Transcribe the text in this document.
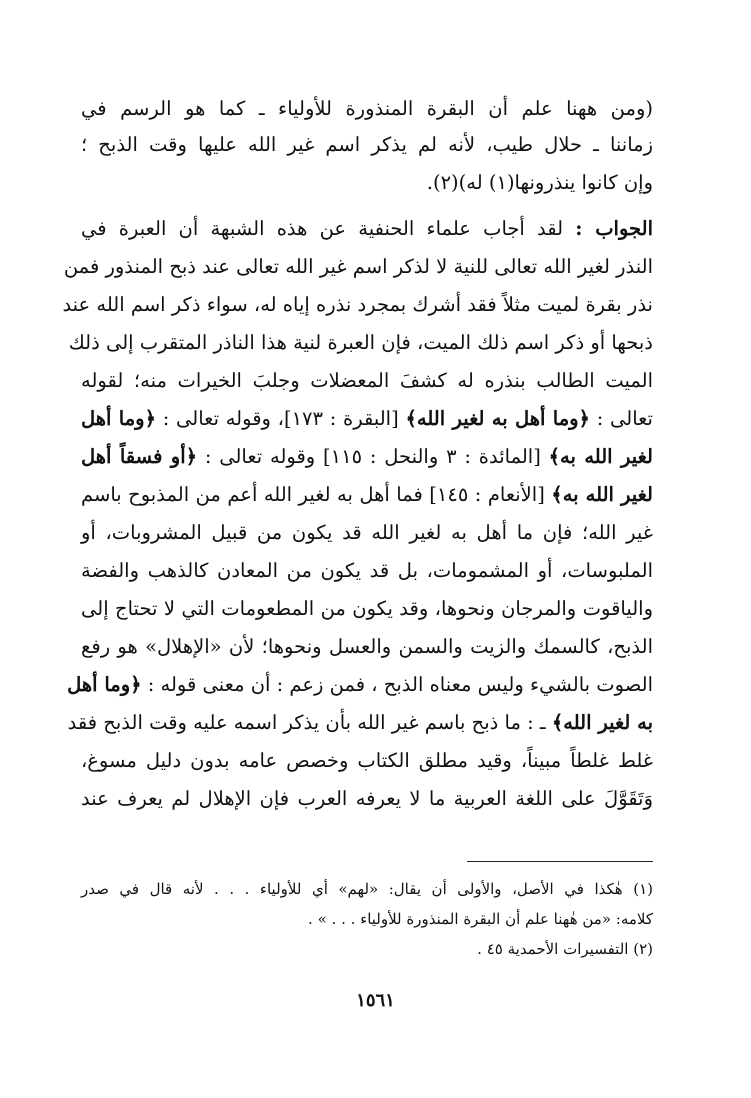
(ومن ههنا علم أن البقرة المنذورة للأولياء ـ كما هو الرسم في
زماننا ـ حلال طيب، لأنه لم يذكر اسم غير الله عليها وقت الذبح ؛
وإن كانوا ينذرونها(١) له)(٢).
الجواب : لقد أجاب علماء الحنفية عن هذه الشبهة أن العبرة في
النذر لغير الله تعالى للنية لا لذكر اسم غير الله تعالى عند ذبح المنذور فمن
نذر بقرة لميت مثلاً فقد أشرك بمجرد نذره إياه له، سواء ذكر اسم الله عند
ذبحها أو ذكر اسم ذلك الميت، فإن العبرة لنية هذا الناذر المتقرب إلى ذلك
الميت الطالب بنذره له كشفَ المعضلات وجلبَ الخيرات منه؛ لقوله
تعالى : ﴿وما أهل به لغير الله﴾ [البقرة : ١٧٣]، وقوله تعالى : ﴿وما أهل
لغير الله به﴾ [المائدة : ٣ والنحل : ١١٥] وقوله تعالى : ﴿أو فسقاً أهل
لغير الله به﴾ [الأنعام : ١٤٥] فما أهل به لغير الله أعم من المذبوح باسم
غير الله؛ فإن ما أهل به لغير الله قد يكون من قبيل المشروبات، أو
الملبوسات، أو المشمومات، بل قد يكون من المعادن كالذهب والفضة
والياقوت والمرجان ونحوها، وقد يكون من المطعومات التي لا تحتاج إلى
الذبح، كالسمك والزيت والسمن والعسل ونحوها؛ لأن «الإهلال» هو رفع
الصوت بالشيء وليس معناه الذبح ، فمن زعم : أن معنى قوله : ﴿وما أهل
به لغير الله﴾ ـ : ما ذبح باسم غير الله بأن يذكر اسمه عليه وقت الذبح فقد
غلط غلطاً مبيناً، وقيد مطلق الكتاب وخصص عامه بدون دليل مسوغ،
وَتَقَوَّلَ على اللغة العربية ما لا يعرفه العرب فإن الإهلال لم يعرف عند
(١) هٰكذا في الأصل، والأولى أن يقال: «لهم» أي للأولياء . . . لأنه قال في صدر
كلامه: «من هٰهنا علم أن البقرة المنذورة للأولياء . . . » .
(٢) التفسيرات الأحمدية ٤٥ .
١٥٦١
